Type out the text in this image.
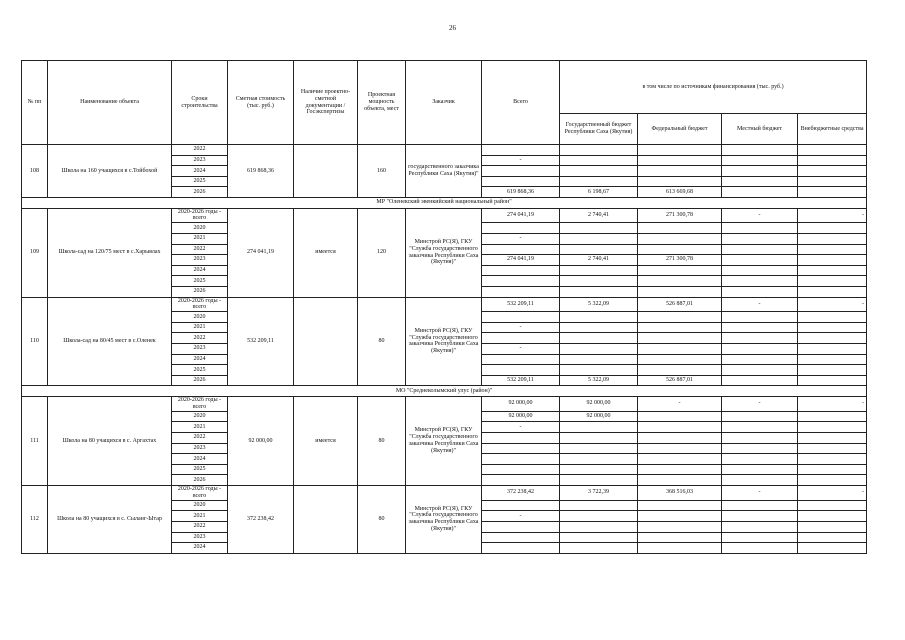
26
№ пп	Наименование объекта	Сроки строительства	Сметная стоимость (тыс. руб.)	Наличие проектно-сметной документации /Госэкспертизы	Проектная мощность объекта, мест	Заказчик	Всего	в том числе по источникам финансирования (тыс. руб.)			
								Государственный бюджет Республики Саха (Якутия)	Федеральный бюджет	Местный бюджет	Внебюджетные средства
108	Школа на 160 учащихся в с.Тойбохой	2022	619 868,36		160	государственного заказчика Республики Саха (Якутия)"					
		2023					-				
		2024									
		2025									
		2026					619 868,36	6 198,67	613 669,68		
МР "Оленекский эвенкийский национальный район"											
109	Школа-сад на 120/75 мест в с.Харыялах	2020-2026 годы - всего	274 041,19	имеется	120	Минстрой РС(Я), ГКУ "Служба государственного заказчика Республики Саха (Якутия)"	274 041,19	2 740,41	271 300,78	-	-
		2020									
		2021					-				
		2022									
		2023					274 041,19	2 740,41	271 300,78		
		2024									
		2025									
		2026									
110	Школа-сад на 80/45 мест в с.Оленек	2020-2026 годы - всего	532 209,11		80	Минстрой РС(Я), ГКУ "Служба государственного заказчика Республики Саха (Якутия)"	532 209,11	5 322,09	526 887,01	-	-
		2020									
		2021					-				
		2022									
		2023					-				
		2024									
		2025									
		2026					532 209,11	5 322,09	526 887,01		
МО "Среднеколымский улус (район)"											
111	Школа на 80 учащихся в с. Аргахтах	2020-2026 годы - всего	92 000,00	имеется	80	Минстрой РС(Я), ГКУ "Служба государственного заказчика Республики Саха (Якутия)"	92 000,00	92 000,00	-	-	-
		2020					92 000,00	92 000,00			
		2021					-				
		2022									
		2023									
		2024									
		2025									
		2026									
112	Школа на 80 учащихся в с. Сыланг-Ытар	2020-2026 годы - всего	372 238,42		80	Минстрой РС(Я), ГКУ "Служба государственного заказчика Республики Саха (Якутия)"	372 238,42	3 722,39	368 516,03	-	-
		2020									
		2021					-				
		2022									
		2023									
		2024									
